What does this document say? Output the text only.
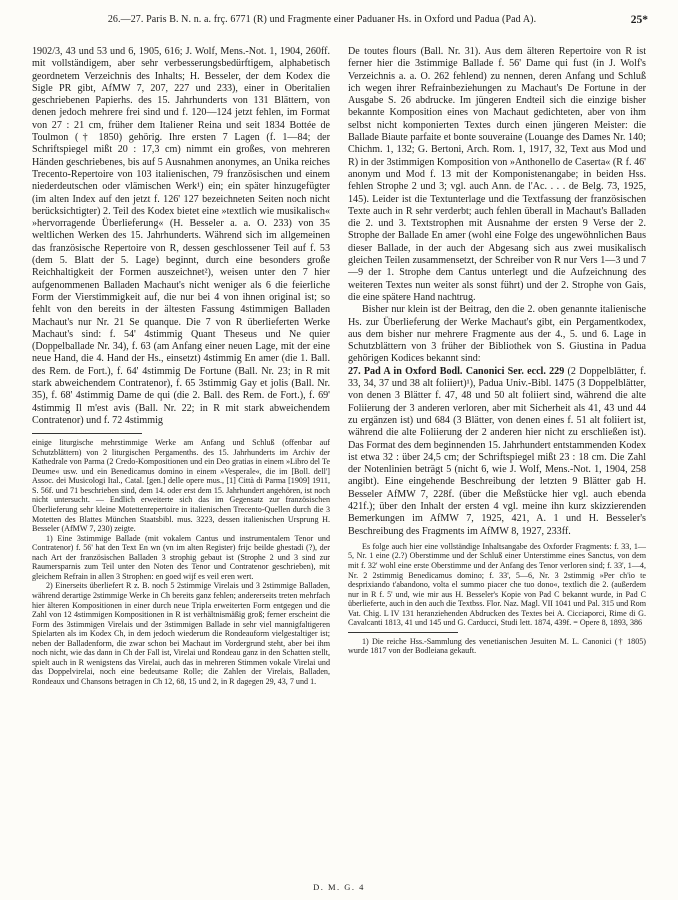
26.—27. Paris B. N. n. a. frç. 6771 (R) und Fragmente einer Paduaner Hs. in Oxford und Padua (Pad A).	25*

1902/3, 43 und 53 und 6, 1905, 616; J. Wolf, Mens.-Not. 1, 1904, 260ff. mit vollständigem, aber sehr verbesserungsbedürftigem, alphabetisch geordnetem Verzeichnis des Inhalts; H. Besseler, der dem Kodex die Sigle PR gibt, AfMW 7, 207, 227 und 233), einer in Oberitalien geschriebenen Papierhs. des 15. Jahrhunderts von 131 Blättern, von denen jedoch mehrere frei sind und f. 120—124 jetzt fehlen, im Format von 27 : 21 cm, früher dem Italiener Reina und seit 1834 Bottée de Toulmon († 1850) gehörig. Ihre ersten 7 Lagen (f. 1—84; der Schriftspiegel mißt 20 : 17,3 cm) nimmt ein großes, von mehreren Händen geschriebenes, bis auf 5 Ausnahmen anonymes, an Unika reiches Trecento-Repertoire von 103 italienischen, 79 französischen und einem niederdeutschen oder vlämischen Werk¹) ein; ein später hinzugefügter (im alten Index auf den jetzt f. 126' 127 bezeichneten Seiten noch nicht berücksichtigter) 2. Teil des Kodex bietet eine »textlich wie musikalisch« »hervorragende Überlieferung« (H. Besseler a. a. O. 233) von 35 weltlichen Werken des 15. Jahrhunderts. Während sich im allgemeinen das französische Repertoire von R, dessen geschlossener Teil auf f. 53 (dem 5. Blatt der 5. Lage) beginnt, durch eine besonders große Reichhaltigkeit der Formen auszeichnet²), weisen unter den 7 hier aufgenommenen Balladen Machaut's nicht weniger als 6 die feierliche Form der Vierstimmigkeit auf, die nur bei 4 von ihnen original ist; so fehlt von den bereits in der ältesten Fassung 4stimmigen Balladen Machaut's nur Nr. 21 Se quanque. Die 7 von R überlieferten Werke Machaut's sind: f. 54' 4stimmig Quant Theseus und Ne quier (Doppelballade Nr. 34), f. 63 (am Anfang einer neuen Lage, mit der eine neue Hand, die 4. Hand der Hs., einsetzt) 4stimmig En amer (die 1. Ball. des Rem. de Fort.), f. 64' 4stimmig De Fortune (Ball. Nr. 23; in R mit stark abweichendem Contratenor), f. 65 3stimmig Gay et jolis (Ball. Nr. 35), f. 68' 4stimmig Dame de qui (die 2. Ball. des Rem. de Fort.), f. 69' 4stimmig Il m'est avis (Ball. Nr. 22; in R mit stark abweichendem Contratenor) und f. 72 4stimmig

einige liturgische mehrstimmige Werke am Anfang und Schluß (offenbar auf Schutzblättern) von 2 liturgischen Pergamenths. des 15. Jahrhunderts im Archiv der Kathedrale von Parma (2 Credo-Kompositionen und ein Deo gratias in einem »Libro del Te Deume« usw. und ein Benedicamus domino in einem »Vesperale«, die im [Boll. dell'] Assoc. dei Musicologi Ital., Catal. [gen.] delle opere mus., [1] Città di Parma [1909] 1911, S. 56f. und 71 beschrieben sind, dem 14. oder erst dem 15. Jahrhundert angehören, ist noch nicht untersucht. — Endlich erweiterte sich das im Gegensatz zur französischen Überlieferung sehr kleine Motettenrepertoire in italienischen Trecento-Quellen durch die 3 Motetten des Blattes München Staatsbibl. mus. 3223, dessen italienischen Ursprung H. Besseler (AfMW 7, 230) zeigte.

1) Eine 3stimmige Ballade (mit vokalem Cantus und instrumentalem Tenor und Contratenor) f. 56' hat den Text En wn (vn im alten Register) frijc beilde ghestadi (?), der nach Art der französischen Balladen 3 strophig gebaut ist (Strophe 2 und 3 sind zur Raumersparnis zum Teil unter den Noten des Tenor und Contratenor geschrieben), mit gleichem Refrain in allen 3 Strophen: en goed wijf es veil eren wert.

2) Einerseits überliefert R z. B. noch 5 2stimmige Virelais und 3 2stimmige Balladen, während derartige 2stimmige Werke in Ch bereits ganz fehlen; andererseits treten mehrfach hier älteren Kompositionen in einer durch neue Tripla erweiterten Form entgegen und die Zahl von 12 4stimmigen Kompositionen in R ist verhältnismäßig groß; ferner erscheint die Form des 3stimmigen Virelais und der 3stimmigen Ballade in sehr viel mannigfaltigeren Spielarten als im Kodex Ch, in dem jedoch wiederum die Rondeauform vielgestaltiger ist; neben der Balladenform, die zwar schon bei Machaut im Vordergrund steht, aber bei ihm noch nicht, wie das dann in Ch der Fall ist, Virelai und Rondeau ganz in den Schatten stellt, spielt auch in R wenigstens das Virelai, auch das in mehreren Stimmen vokale Virelai und das Doppelvirelai, noch eine bedeutsame Rolle; die Zahlen der Virelais, Balladen, Rondeaux und Chansons betragen in Ch 12, 68, 15 und 2, in R dagegen 29, 43, 7 und 1.

De toutes flours (Ball. Nr. 31). Aus dem älteren Repertoire von R ist ferner hier die 3stimmige Ballade f. 56' Dame qui fust (in J. Wolf's Verzeichnis a. a. O. 262 fehlend) zu nennen, deren Anfang und Schluß ich wegen ihrer Refrainbeziehungen zu Machaut's De Fortune in der Ausgabe S. 26 abdrucke. Im jüngeren Endteil sich die einzige bisher bekannte Komposition eines von Machaut gedichteten, aber von ihm selbst nicht komponierten Textes durch einen jüngeren Meister: die Ballade Biaute parfaite et bonte souveraine (Louange des Dames Nr. 140; Chichm. 1, 132; G. Bertoni, Arch. Rom. 1, 1917, 32, Text aus Mod und R) in der 3stimmigen Komposition von »Anthonello de Caserta« (R f. 46' anonym und Mod f. 13 mit der Komponistenangabe; in beiden Hss. fehlen Strophe 2 und 3; vgl. auch Ann. de l'Ac. . . . de Belg. 73, 1925, 145). Leider ist die Textunterlage und die Textfassung der französischen Texte auch in R sehr verderbt; auch fehlen überall in Machaut's Balladen die 2. und 3. Textstrophen mit Ausnahme der ersten 9 Verse der 2. Strophe der Ballade En amer (wohl eine Folge des ungewöhnlichen Baus dieser Ballade, in der auch der Abgesang sich aus zwei musikalisch gleichen Teilen zusammensetzt, der Schreiber von R nur Vers 1—3 und 7—9 der 1. Strophe dem Cantus unterlegt und die Aufzeichnung des weiteren Textes nun weiter als sonst führt) und der 2. Strophe von Gais, die eine spätere Hand nachtrug.

Bisher nur klein ist der Beitrag, den die 2. oben genannte italienische Hs. zur Überlieferung der Werke Machaut's gibt, ein Pergamentkodex, aus dem bisher nur mehrere Fragmente aus der 4., 5. und 6. Lage in Schutzblättern von 3 früher der Bibliothek von S. Giustina in Padua gehörigen Kodices bekannt sind:

27. Pad A in Oxford Bodl. Canonici Ser. eccl. 229 (2 Doppelblätter, f. 33, 34, 37 und 38 alt foliiert)¹), Padua Univ.-Bibl. 1475 (3 Doppelblätter, von denen 3 Blätter f. 47, 48 und 50 alt foliiert sind, während die alte Foliierung der 3 anderen verloren, aber mit Sicherheit als 41, 43 und 44 zu ergänzen ist) und 684 (3 Blätter, von denen eines f. 51 alt foliiert ist, während die alte Foliierung der 2 anderen hier nicht zu erschließen ist). Das Format des dem beginnenden 15. Jahrhundert entstammenden Kodex ist etwa 32 : über 24,5 cm; der Schriftspiegel mißt 23 : 18 cm. Die Zahl der Notenlinien beträgt 5 (nicht 6, wie J. Wolf, Mens.-Not. 1, 1904, 258 angibt). Eine eingehende Beschreibung der letzten 9 Blätter gab H. Besseler AfMW 7, 228f. (über die Meßstücke hier vgl. auch ebenda 421f.); über den Inhalt der ersten 4 vgl. meine ihn kurz skizzierenden Bemerkungen im AfMW 7, 1925, 421, A. 1 und H. Besseler's Beschreibung des Fragments im AfMW 8, 1927, 233ff.

Es folge auch hier eine vollständige Inhaltsangabe des Oxforder Fragments: f. 33, 1—5, Nr. 1 eine (2.?) Oberstimme und der Schluß einer Unterstimme eines Sanctus, von dem mit f. 32' wohl eine erste Oberstimme und der Anfang des Tenor verloren sind; f. 33', 1—4, Nr. 2 2stimmig Benedicamus domino; f. 33', 5—6, Nr. 3 2stimmig »Per ch'io te desprixiando t'abandono, volta el summo piacer che tuo dono«, textlich die 2. (außerdem nur in R f. 5' und, wie mir aus H. Besseler's Kopie von Pad C bekannt wurde, in Pad C überlieferte, auch in den auch die Textbss. Flor. Naz. Magl. VII 1041 und Pal. 315 und Rom Vat. Chig. L IV 131 heranziehenden Abdrucken des Textes bei A. Cicciaporci, Rime di G. Cavalcanti 1813, 41 und 145 und G. Carducci, Studi lett. 1874, 439f. = Opere 8, 1893, 386

1) Die reiche Hss.-Sammlung des venetianischen Jesuiten M. L. Canonici († 1805) wurde 1817 von der Bodleiana gekauft.

D. M. G. 4
